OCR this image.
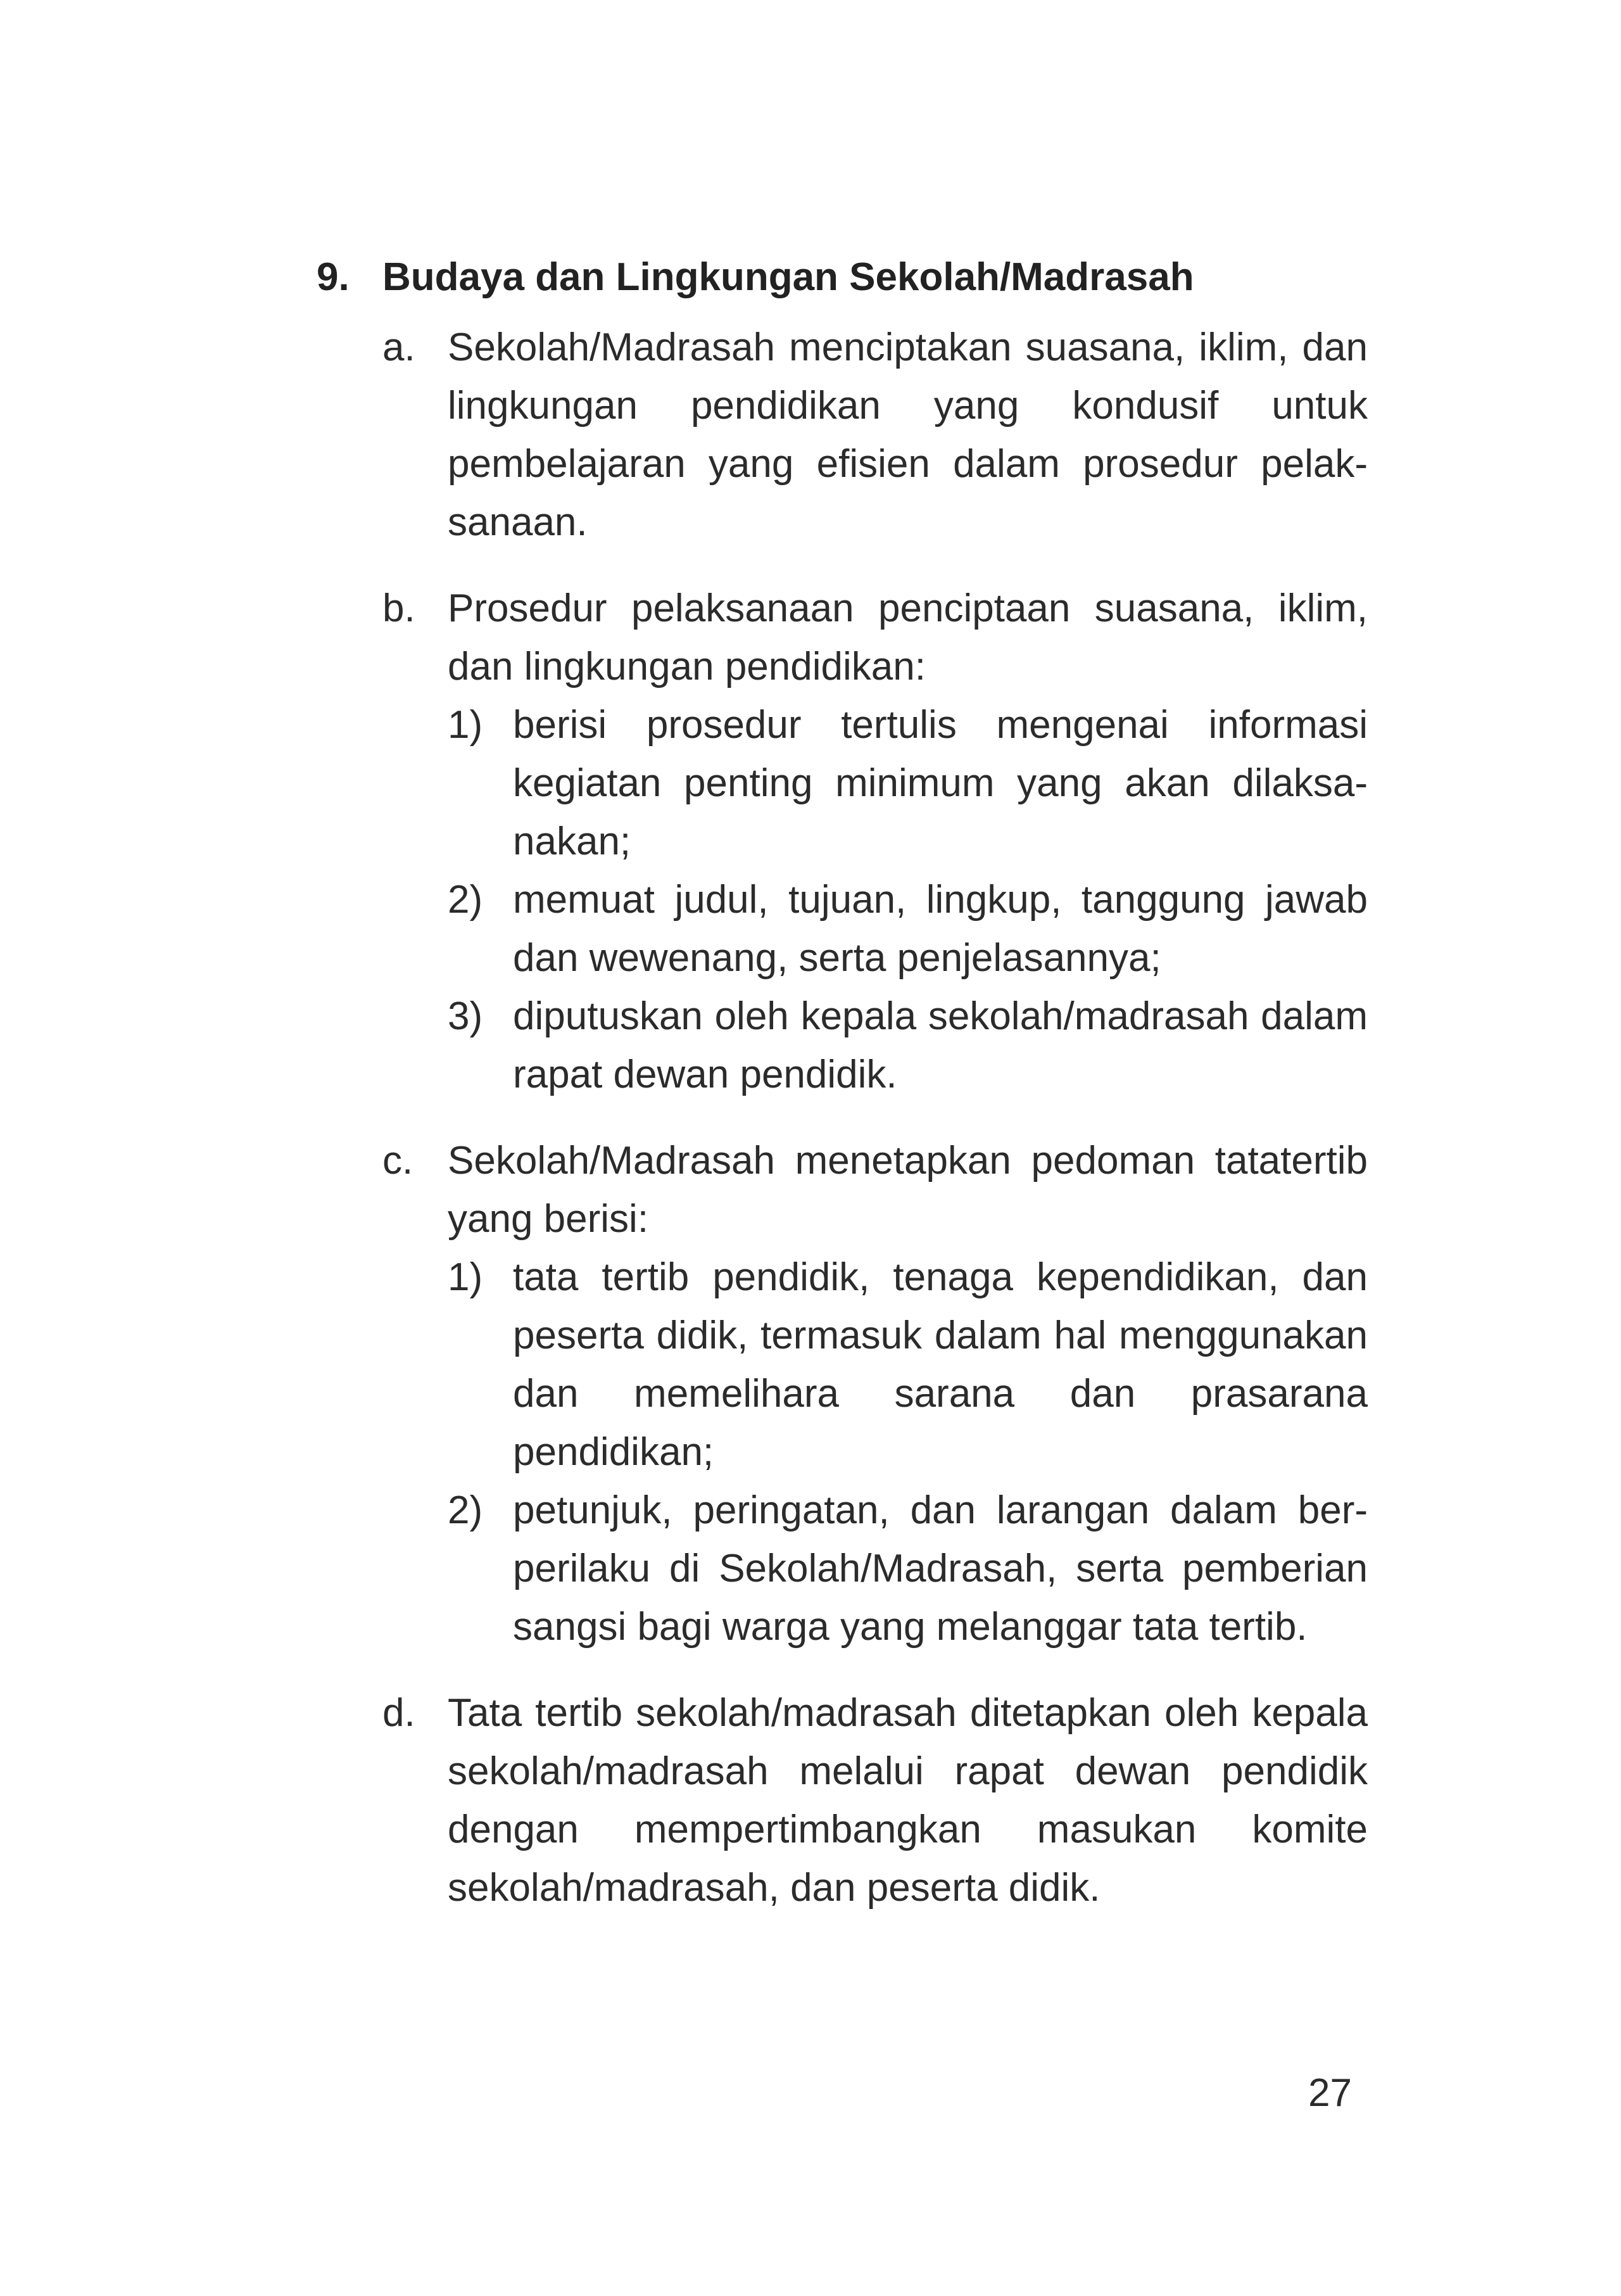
9. Budaya dan Lingkungan Sekolah/Madrasah
a. Sekolah/Madrasah menciptakan suasana, iklim, dan lingkungan pendidikan yang kondusif untuk pembelajaran yang efisien dalam prosedur pelaksanaan.

b. Prosedur pelaksanaan penciptaan suasana, iklim, dan lingkungan pendidikan:

1) berisi prosedur tertulis mengenai informasi kegiatan penting minimum yang akan dilaksanakan;

2) memuat judul, tujuan, lingkup, tanggung jawab dan wewenang, serta penjelasannya;

3) diputuskan oleh kepala sekolah/madrasah dalam rapat dewan pendidik.

c. Sekolah/Madrasah menetapkan pedoman tatatertib yang berisi:

1) tata tertib pendidik, tenaga kependidikan, dan peserta didik, termasuk dalam hal menggunakan dan memelihara sarana dan prasarana pendidikan;

2) petunjuk, peringatan, dan larangan dalam berperilaku di Sekolah/Madrasah, serta pemberian sangsi bagi warga yang melanggar tata tertib.

d. Tata tertib sekolah/madrasah ditetapkan oleh kepala sekolah/madrasah melalui rapat dewan pendidik dengan mempertimbangkan masukan komite sekolah/madrasah, dan peserta didik.

27
